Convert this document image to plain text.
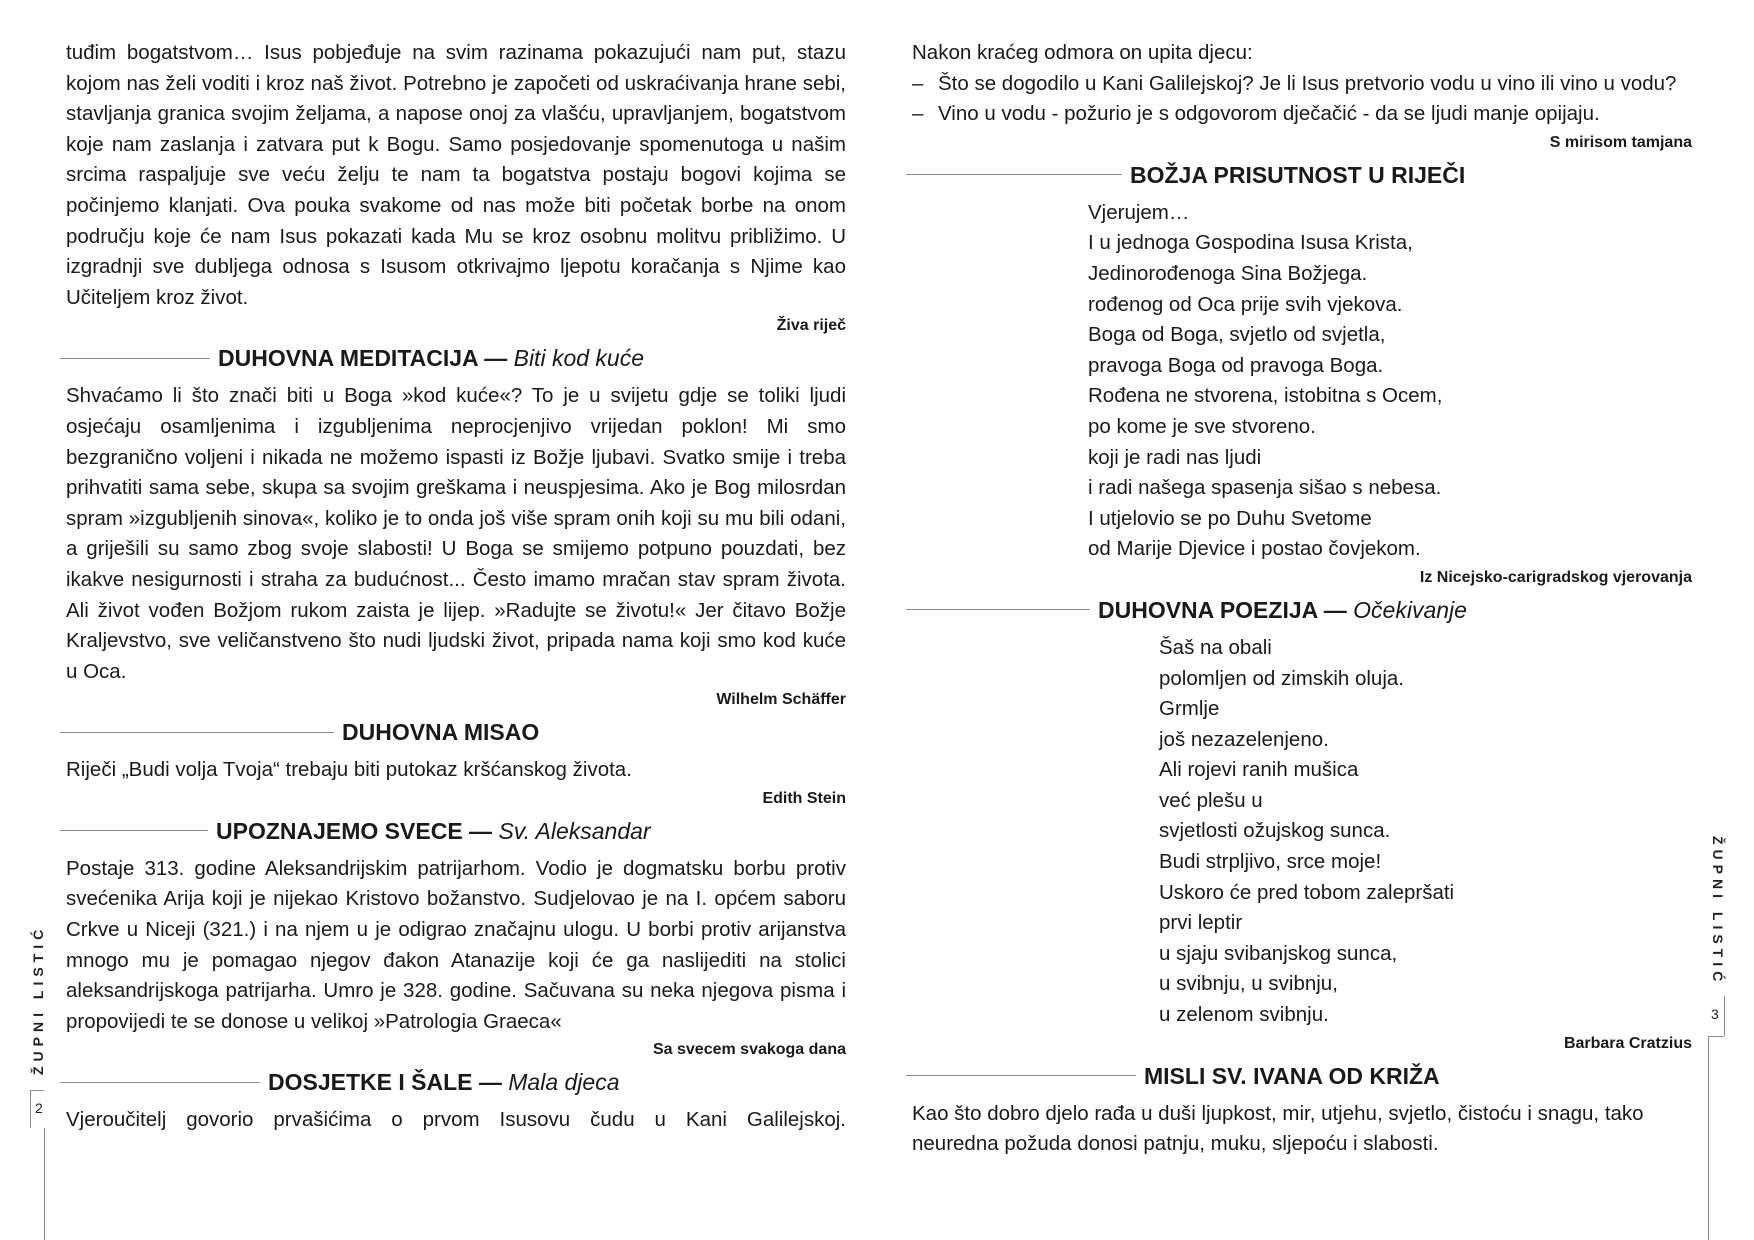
tuđim bogatstvom… Isus pobjeđuje na svim razinama pokazujući nam put, stazu kojom nas želi voditi i kroz naš život. Potrebno je započeti od uskraćivanja hrane sebi, stavljanja granica svojim željama, a napose onoj za vlašću, upravljanjem, bogatstvom koje nam zaslanja i zatvara put k Bogu. Samo posjedovanje spomenutoga u našim srcima raspaljuje sve veću želju te nam ta bogatstva postaju bogovi kojima se počinjemo klanjati. Ova pouka svakome od nas može biti početak borbe na onom području koje će nam Isus pokazati kada Mu se kroz osobnu molitvu približimo. U izgradnji sve dubljega odnosa s Isusom otkrivajmo ljepotu koračanja s Njime kao Učiteljem kroz život.

Živa riječ
DUHOVNA MEDITACIJA — Biti kod kuće

Shvaćamo li što znači biti u Boga »kod kuće«? To je u svijetu gdje se toliki ljudi osjećaju osamljenima i izgubljenima neprocjenjivo vrijedan poklon! Mi smo bezgranično voljeni i nikada ne možemo ispasti iz Božje ljubavi. Svatko smije i treba prihvatiti sama sebe, skupa sa svojim greškama i neuspjesima. Ako je Bog milosrdan spram »izgubljenih sinova«, koliko je to onda još više spram onih koji su mu bili odani, a griješili su samo zbog svoje slabosti! U Boga se smijemo potpuno pouzdati, bez ikakve nesigurnosti i straha za budućnost... Često imamo mračan stav spram života. Ali život vođen Božjom rukom zaista je lijep. »Radujte se životu!« Jer čitavo Božje Kraljevstvo, sve veličanstveno što nudi ljudski život, pripada nama koji smo kod kuće u Oca.

Wilhelm Schäffer
DUHOVNA MISAO

Riječi „Budi volja Tvoja“ trebaju biti putokaz kršćanskog života.

Edith Stein
UPOZNAJEMO SVECE — Sv. Aleksandar

Postaje 313. godine Aleksandrijskim patrijarhom. Vodio je dogmatsku borbu protiv svećenika Arija koji je nijekao Kristovo božanstvo. Sudjelovao je na I. općem saboru Crkve u Niceji (321.) i na njem u je odigrao značajnu ulogu. U borbi protiv arijanstva mnogo mu je pomagao njegov đakon Atanazije koji će ga naslijediti na stolici aleksandrijskoga patrijarha. Umro je 328. godine. Sačuvana su neka njegova pisma i propovijedi te se donose u velikoj »Patrologia Graeca«

Sa svecem svakoga dana
DOSJETKE I ŠALE — Mala djeca

Vjeroučitelj govorio prvašićima o prvom Isusovu čudu u Kani Galilejskoj.

ŽUPNI LISTIĆ
2

Nakon kraćeg odmora on upita djecu:

– Što se dogodilo u Kani Galilejskoj? Je li Isus pretvorio vodu u vino ili vino u vodu?
– Vino u vodu - požurio je s odgovorom dječačić - da se ljudi manje opijaju.
S mirisom tamjana
BOŽJA PRISUTNOST U RIJEČI

Vjerujem…

I u jednoga Gospodina Isusa Krista,

Jedinorođenoga Sina Božjega.

rođenog od Oca prije svih vjekova.

Boga od Boga, svjetlo od svjetla,

pravoga Boga od pravoga Boga.

Rođena ne stvorena, istobitna s Ocem,

po kome je sve stvoreno.

koji je radi nas ljudi

i radi našega spasenja sišao s nebesa.

I utjelovio se po Duhu Svetome

od Marije Djevice i postao čovjekom.

Iz Nicejsko-carigradskog vjerovanja
DUHOVNA POEZIJA — Očekivanje

Šaš na obali

polomljen od zimskih oluja.

Grmlje

još nezazelenjeno.

Ali rojevi ranih mušica

već plešu u

svjetlosti ožujskog sunca.

Budi strpljivo, srce moje!

Uskoro će pred tobom zalepršati

prvi leptir

u sjaju svibanjskog sunca,

u svibnju, u svibnju,

u zelenom svibnju.

Barbara Cratzius
MISLI SV. IVANA OD KRIŽA

Kao što dobro djelo rađa u duši ljupkost, mir, utjehu, svjetlo, čistoću i snagu, tako neuredna požuda donosi patnju, muku, sljepoću i slabosti.

ŽUPNI LISTIĆ
3
